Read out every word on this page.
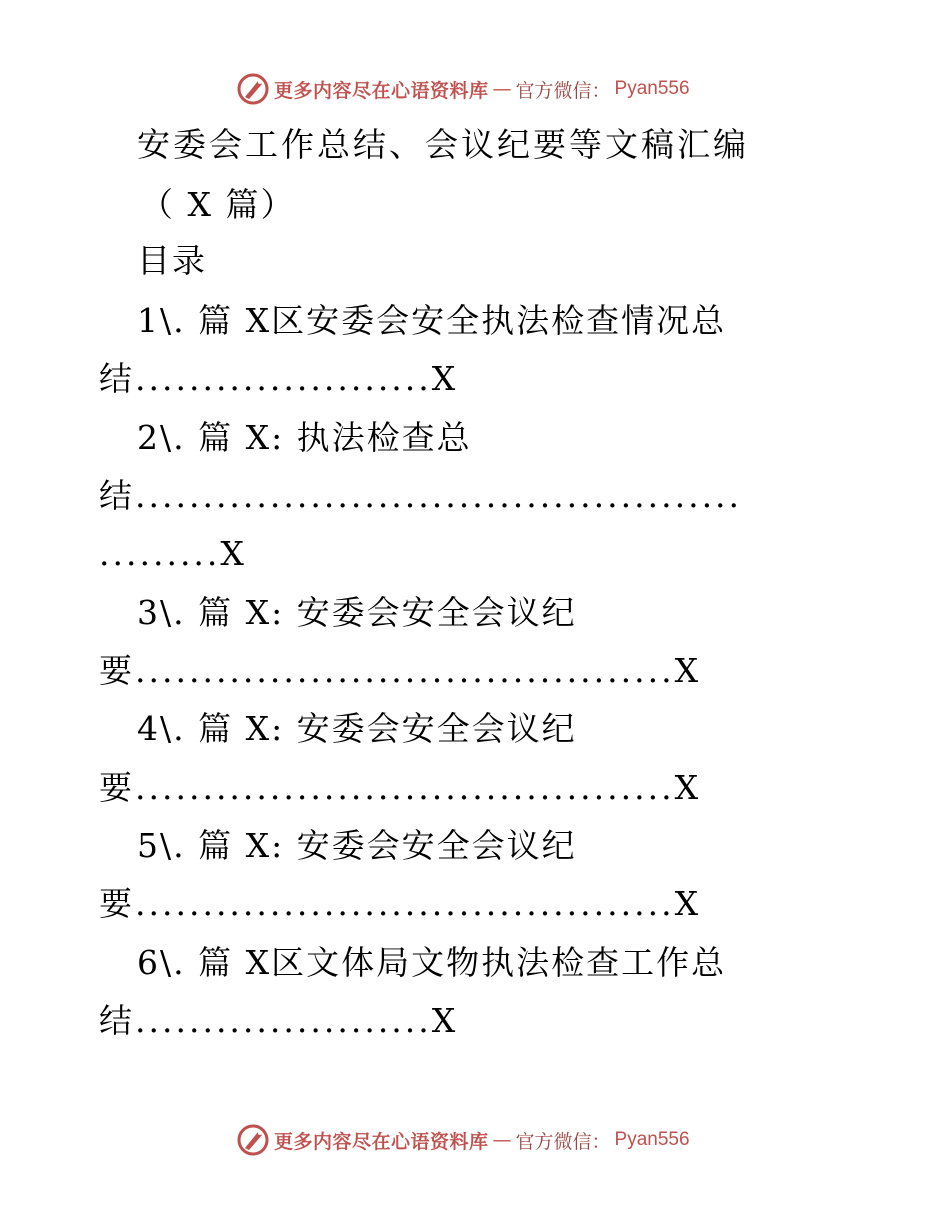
更多内容尽在心语资料库 — 官方微信： Pyan556
安委会工作总结、会议纪要等文稿汇编
（ X 篇）
目录
1\. 篇 X区安委会安全执法检查情况总
结......................X
2\. 篇 X: 执法检查总
结.............................................
.........X
3\. 篇 X: 安委会安全会议纪
要........................................X
4\. 篇 X: 安委会安全会议纪
要........................................X
5\. 篇 X: 安委会安全会议纪
要........................................X
6\. 篇 X区文体局文物执法检查工作总
结......................X
更多内容尽在心语资料库 — 官方微信： Pyan556
